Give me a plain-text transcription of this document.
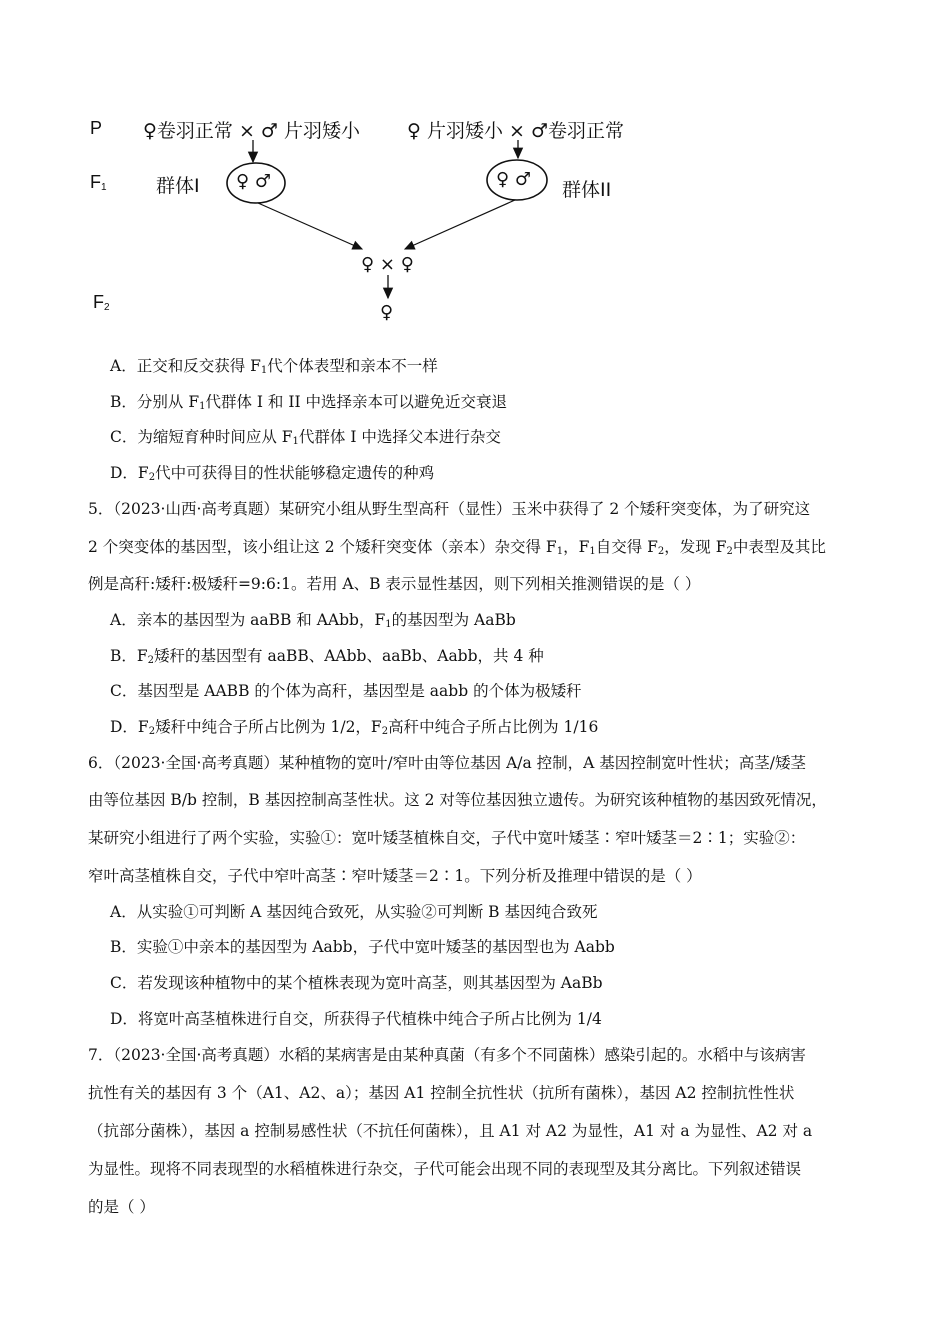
P
$F_1$
$F_2$
♀卷羽正常 × ♂ 片羽矮小 ♀ 片羽矮小 × ♂卷羽正常
群体I	群体II
♀ ♂	♀ ♂
♀ × ♀
♀
A．正交和反交获得 $F_1$代个体表型和亲本不一样
B．分别从 $F_1$代群体 I 和 II 中选择亲本可以避免近交衰退
C．为缩短育种时间应从 $F_1$代群体 I 中选择父本进行杂交
D．$F_2$代中可获得目的性状能够稳定遗传的种鸡
5．（2023·山西·高考真题）某研究小组从野生型高秆（显性）玉米中获得了 2 个矮秆突变体，为了研究这
2 个突变体的基因型，该小组让这 2 个矮秆突变体（亲本）杂交得 $F_1$，$F_1$自交得 $F_2$，发现 $F_2$中表型及其比
例是高秆:矮秆:极矮秆=9:6:1。若用 A、B 表示显性基因，则下列相关推测错误的是（ ）
A．亲本的基因型为 aaBB 和 AAbb，$F_1$的基因型为 AaBb
B．$F_2$矮秆的基因型有 aaBB、AAbb、aaBb、Aabb，共 4 种
C．基因型是 AABB 的个体为高秆，基因型是 aabb 的个体为极矮秆
D．$F_2$矮秆中纯合子所占比例为 1/2，$F_2$高秆中纯合子所占比例为 1/16
6．（2023·全国·高考真题）某种植物的宽叶/窄叶由等位基因 A/a 控制，A 基因控制宽叶性状；高茎/矮茎
由等位基因 B/b 控制，B 基因控制高茎性状。这 2 对等位基因独立遗传。为研究该种植物的基因致死情况，
某研究小组进行了两个实验，实验①：宽叶矮茎植株自交，子代中宽叶矮茎∶窄叶矮茎＝2∶1；实验②：
窄叶高茎植株自交，子代中窄叶高茎∶窄叶矮茎＝2∶1。下列分析及推理中错误的是（ ）
A．从实验①可判断 A 基因纯合致死，从实验②可判断 B 基因纯合致死
B．实验①中亲本的基因型为 Aabb，子代中宽叶矮茎的基因型也为 Aabb
C．若发现该种植物中的某个植株表现为宽叶高茎，则其基因型为 AaBb
D．将宽叶高茎植株进行自交，所获得子代植株中纯合子所占比例为 1/4
7．（2023·全国·高考真题）水稻的某病害是由某种真菌（有多个不同菌株）感染引起的。水稻中与该病害
抗性有关的基因有 3 个（A1、A2、a）；基因 A1 控制全抗性状（抗所有菌株），基因 A2 控制抗性性状
（抗部分菌株），基因 a 控制易感性状（不抗任何菌株），且 A1 对 A2 为显性，A1 对 a 为显性、A2 对 a
为显性。现将不同表现型的水稻植株进行杂交，子代可能会出现不同的表现型及其分离比。下列叙述错误
的是（ ）
